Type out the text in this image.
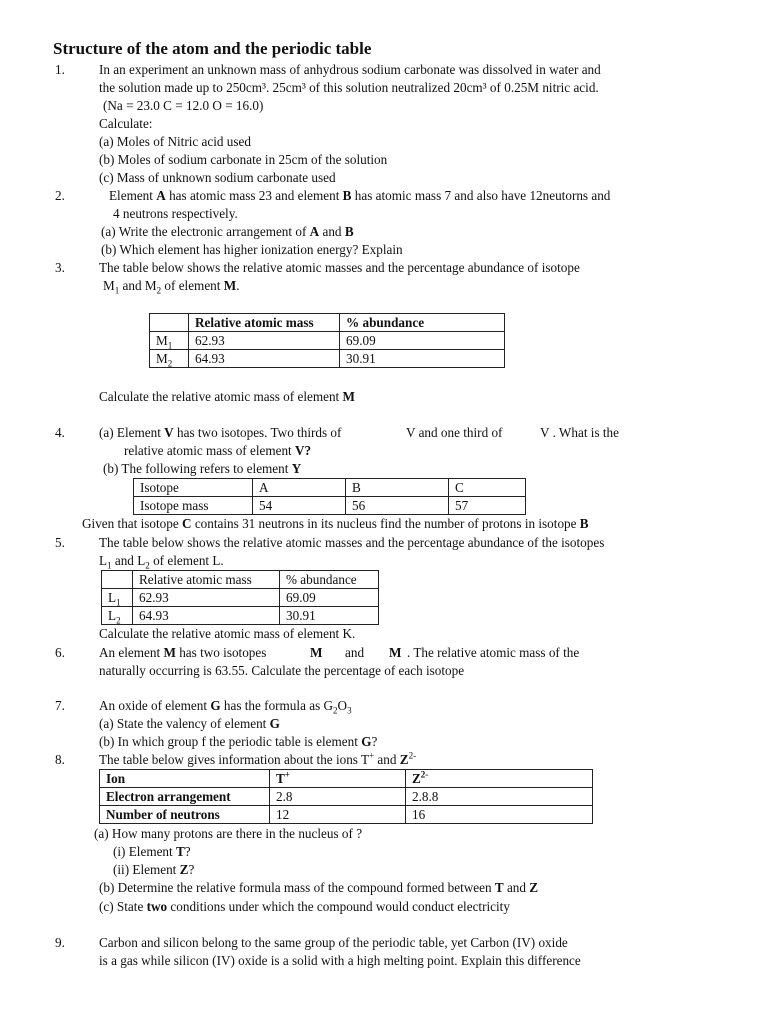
Structure of the atom and the periodic table
1.	In an experiment an unknown mass of anhydrous sodium carbonate was dissolved in water and
the solution made up to 250cm³. 25cm³ of this solution neutralized 20cm³ of 0.25M nitric acid.
(Na = 23.0 C = 12.0 O = 16.0)
Calculate:
(a) Moles of Nitric acid used
(b) Moles of sodium carbonate in 25cm of the solution
(c) Mass of unknown sodium carbonate used
2.	Element A has atomic mass 23 and element B has atomic mass 7 and also have 12neutorns and
4 neutrons respectively.
(a) Write the electronic arrangement of A and B
(b) Which element has higher ionization energy? Explain
3.	The table below shows the relative atomic masses and the percentage abundance of isotope
$M_1$ and $M_2$ of element M.
	Relative atomic mass	% abundance
$M_1$	62.93	69.09
$M_2$	64.93	30.91
Calculate the relative atomic mass of element M
4.	(a) Element V has two isotopes. Two thirds of	V and one third of	V . What is the
relative atomic mass of element V?
(b) The following refers to element Y
Isotope	A	B	C
Isotope mass	54	56	57
Given that isotope C contains 31 neutrons in its nucleus find the number of protons in isotope B
5.	The table below shows the relative atomic masses and the percentage abundance of the isotopes
$L_1$ and $L_2$ of element L.
	Relative atomic mass	% abundance
$L_1$	62.93	69.09
$L_2$	64.93	30.91
Calculate the relative atomic mass of element K.
6.	An element M has two isotopes	M and M . The relative atomic mass of the
naturally occurring is 63.55. Calculate the percentage of each isotope
7.	An oxide of element G has the formula as $G_2O_3$
(a) State the valency of element G
(b) In which group f the periodic table is element G?
8.	The table below gives information about the ions T+ and $Z^{2-}$
Ion	T+	$Z^{2-}$
Electron arrangement	2.8	2.8.8
Number of neutrons	12	16
(a) How many protons are there in the nucleus of ?
(i) Element T?
(ii) Element Z?
(b) Determine the relative formula mass of the compound formed between T and Z
(c) State two conditions under which the compound would conduct electricity
9.	Carbon and silicon belong to the same group of the periodic table, yet Carbon (IV) oxide
is a gas while silicon (IV) oxide is a solid with a high melting point. Explain this difference
